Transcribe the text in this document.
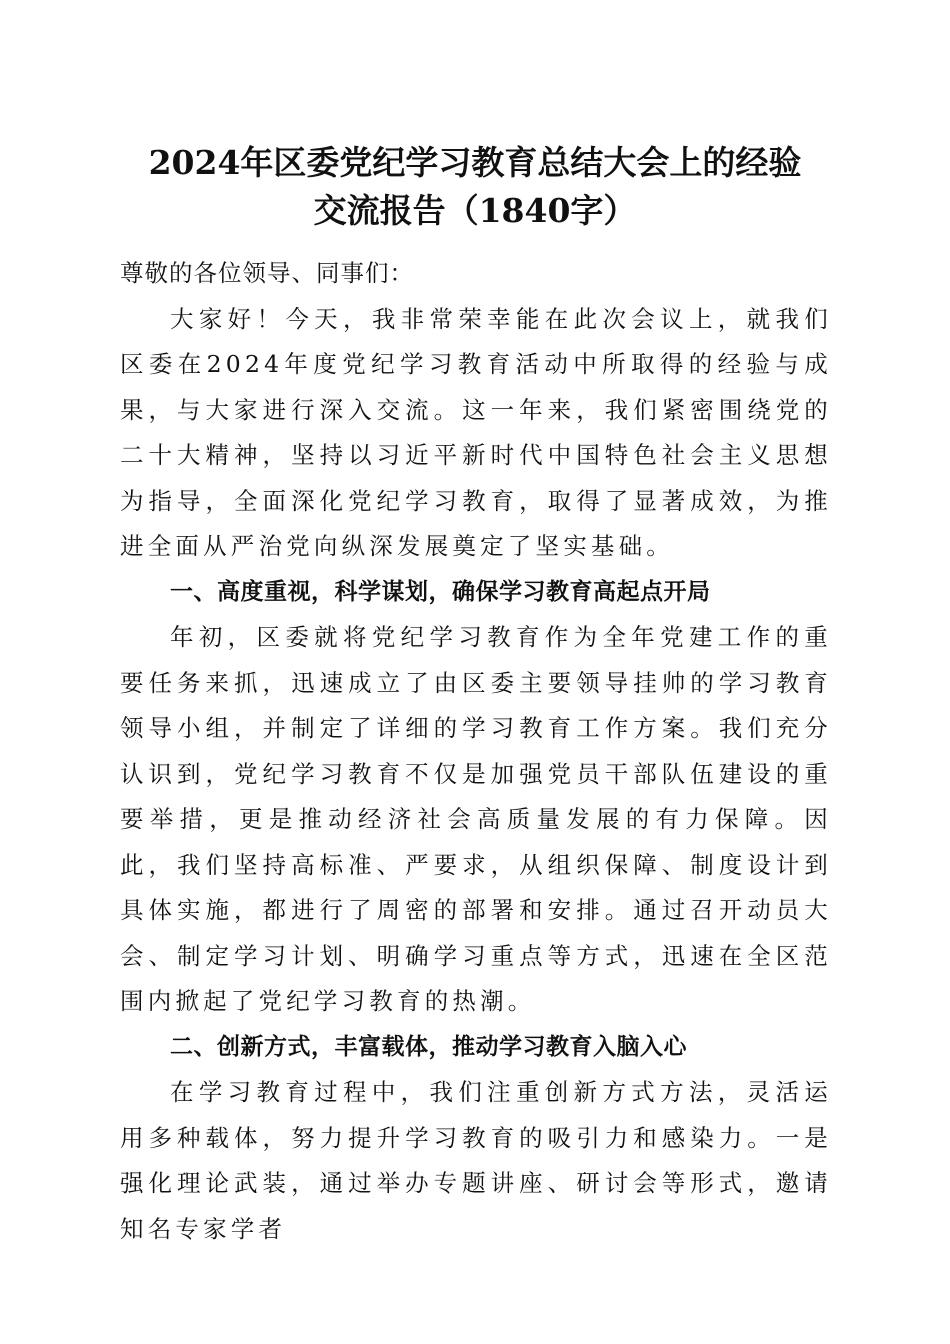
2024年区委党纪学习教育总结大会上的经验
交流报告（1840字）

尊敬的各位领导、同事们：

大家好！今天，我非常荣幸能在此次会议上，就我们区委在2024年度党纪学习教育活动中所取得的经验与成果，与大家进行深入交流。这一年来，我们紧密围绕党的二十大精神，坚持以习近平新时代中国特色社会主义思想为指导，全面深化党纪学习教育，取得了显著成效，为推进全面从严治党向纵深发展奠定了坚实基础。

一、高度重视，科学谋划，确保学习教育高起点开局

年初，区委就将党纪学习教育作为全年党建工作的重要任务来抓，迅速成立了由区委主要领导挂帅的学习教育领导小组，并制定了详细的学习教育工作方案。我们充分认识到，党纪学习教育不仅是加强党员干部队伍建设的重要举措，更是推动经济社会高质量发展的有力保障。因此，我们坚持高标准、严要求，从组织保障、制度设计到具体实施，都进行了周密的部署和安排。通过召开动员大会、制定学习计划、明确学习重点等方式，迅速在全区范围内掀起了党纪学习教育的热潮。

二、创新方式，丰富载体，推动学习教育入脑入心

在学习教育过程中，我们注重创新方式方法，灵活运用多种载体，努力提升学习教育的吸引力和感染力。一是强化理论武装，通过举办专题讲座、研讨会等形式，邀请知名专家学者
